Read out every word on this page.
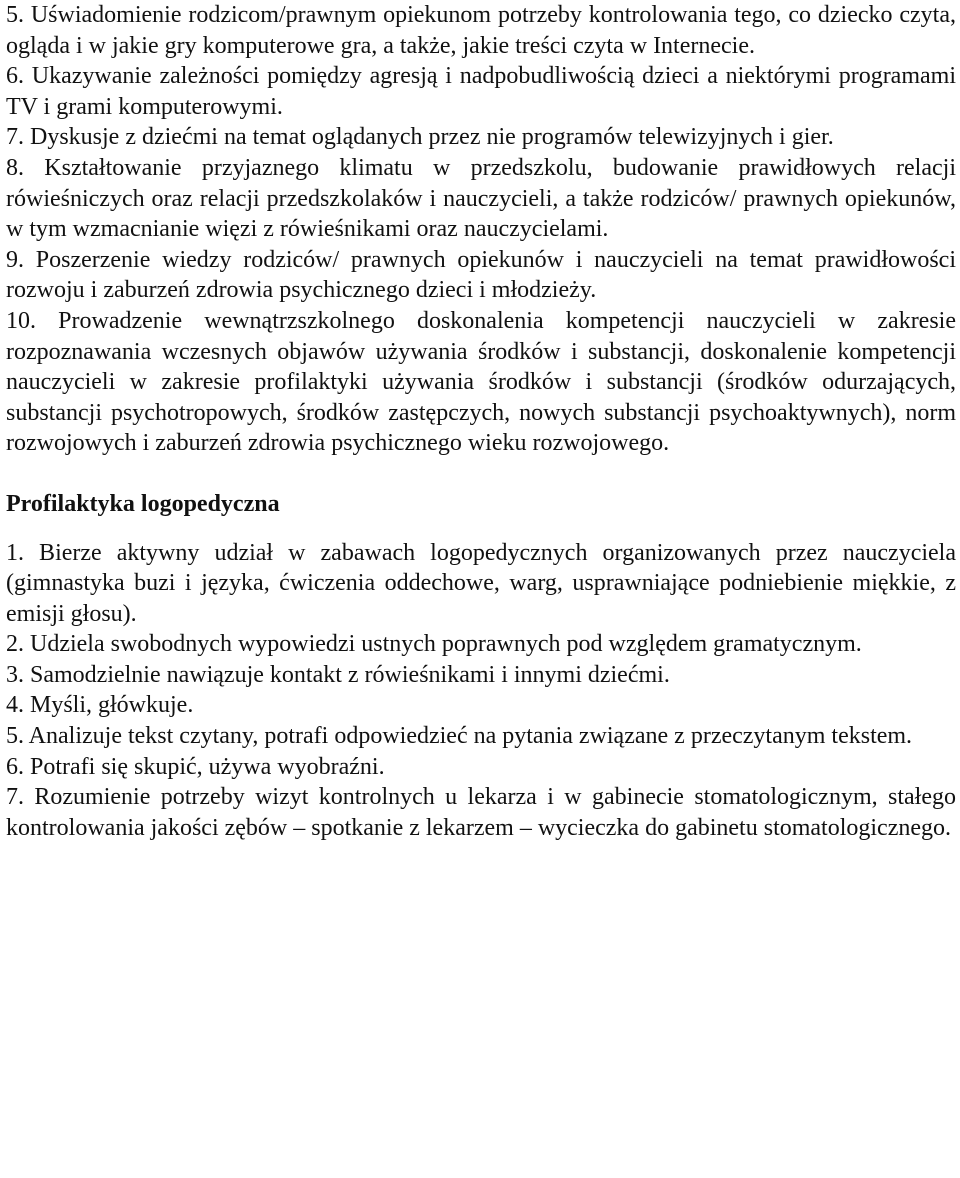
5. Uświadomienie rodzicom/prawnym opiekunom potrzeby kontrolowania tego, co dziecko czyta, ogląda i w jakie gry komputerowe gra, a także, jakie treści czyta w Internecie.

6. Ukazywanie zależności pomiędzy agresją i nadpobudliwością dzieci a niektórymi programami TV i grami komputerowymi.

7. Dyskusje z dziećmi na temat oglądanych przez nie programów telewizyjnych i gier.

8. Kształtowanie przyjaznego klimatu w przedszkolu, budowanie prawidłowych relacji rówieśniczych oraz relacji przedszkolaków i nauczycieli, a także rodziców/ prawnych opiekunów, w tym wzmacnianie więzi z rówieśnikami oraz nauczycielami.

9. Poszerzenie wiedzy rodziców/ prawnych opiekunów i nauczycieli na temat prawidłowości rozwoju i zaburzeń zdrowia psychicznego dzieci i młodzieży.

10. Prowadzenie wewnątrzszkolnego doskonalenia kompetencji nauczycieli w zakresie rozpoznawania wczesnych objawów używania środków i substancji, doskonalenie kompetencji nauczycieli w zakresie profilaktyki używania środków i substancji (środków odurzających, substancji psychotropowych, środków zastępczych, nowych substancji psychoaktywnych), norm rozwojowych i zaburzeń zdrowia psychicznego wieku rozwojowego.

Profilaktyka logopedyczna

1. Bierze aktywny udział w zabawach logopedycznych organizowanych przez nauczyciela (gimnastyka buzi i języka, ćwiczenia oddechowe, warg, usprawniające podniebienie miękkie, z emisji głosu).

2. Udziela swobodnych wypowiedzi ustnych poprawnych pod względem gramatycznym.

3. Samodzielnie nawiązuje kontakt z rówieśnikami i innymi dziećmi.

4. Myśli, główkuje.

5. Analizuje tekst czytany, potrafi odpowiedzieć na pytania związane z przeczytanym tekstem.

6. Potrafi się skupić, używa wyobraźni.

7. Rozumienie potrzeby wizyt kontrolnych u lekarza i w gabinecie stomatologicznym, stałego kontrolowania jakości zębów – spotkanie z lekarzem – wycieczka do gabinetu stomatologicznego.
